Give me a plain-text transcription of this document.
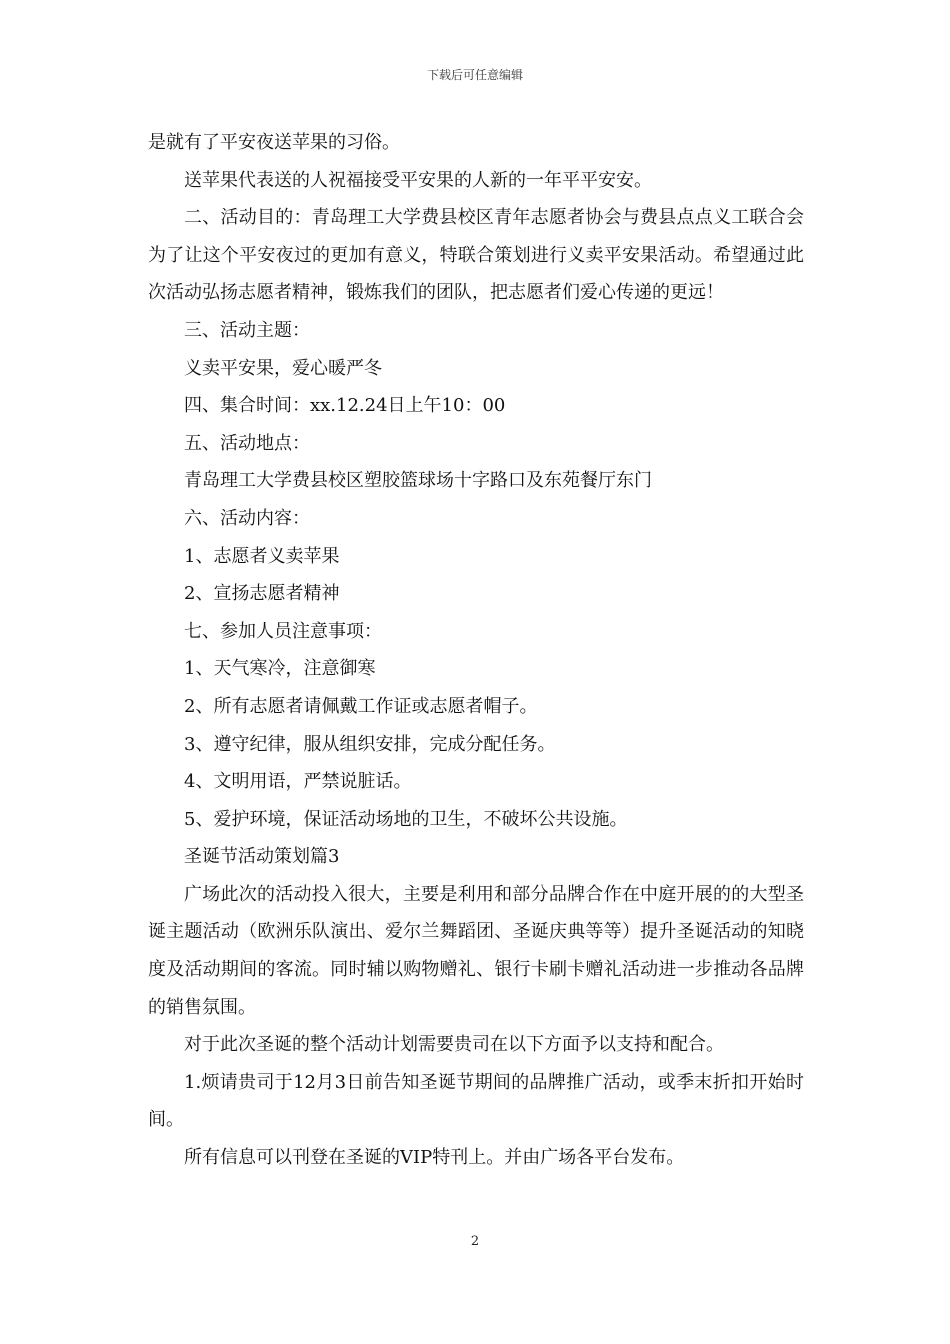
下载后可任意编辑
是就有了平安夜送苹果的习俗。
送苹果代表送的人祝福接受平安果的人新的一年平平安安。
二、活动目的：青岛理工大学费县校区青年志愿者协会与费县点点义工联合会为了让这个平安夜过的更加有意义，特联合策划进行义卖平安果活动。希望通过此次活动弘扬志愿者精神，锻炼我们的团队，把志愿者们爱心传递的更远！
三、活动主题：
义卖平安果，爱心暖严冬
四、集合时间：xx.12.24日上午10：00
五、活动地点：
青岛理工大学费县校区塑胶篮球场十字路口及东苑餐厅东门
六、活动内容：
1、志愿者义卖苹果
2、宣扬志愿者精神
七、参加人员注意事项：
1、天气寒冷，注意御寒
2、所有志愿者请佩戴工作证或志愿者帽子。
3、遵守纪律，服从组织安排，完成分配任务。
4、文明用语，严禁说脏话。
5、爱护环境，保证活动场地的卫生，不破坏公共设施。
圣诞节活动策划篇3
广场此次的活动投入很大，主要是利用和部分品牌合作在中庭开展的的大型圣诞主题活动（欧洲乐队演出、爱尔兰舞蹈团、圣诞庆典等等）提升圣诞活动的知晓度及活动期间的客流。同时辅以购物赠礼、银行卡刷卡赠礼活动进一步推动各品牌的销售氛围。
对于此次圣诞的整个活动计划需要贵司在以下方面予以支持和配合。
1.烦请贵司于12月3日前告知圣诞节期间的品牌推广活动，或季末折扣开始时间。
所有信息可以刊登在圣诞的VIP特刊上。并由广场各平台发布。
2
